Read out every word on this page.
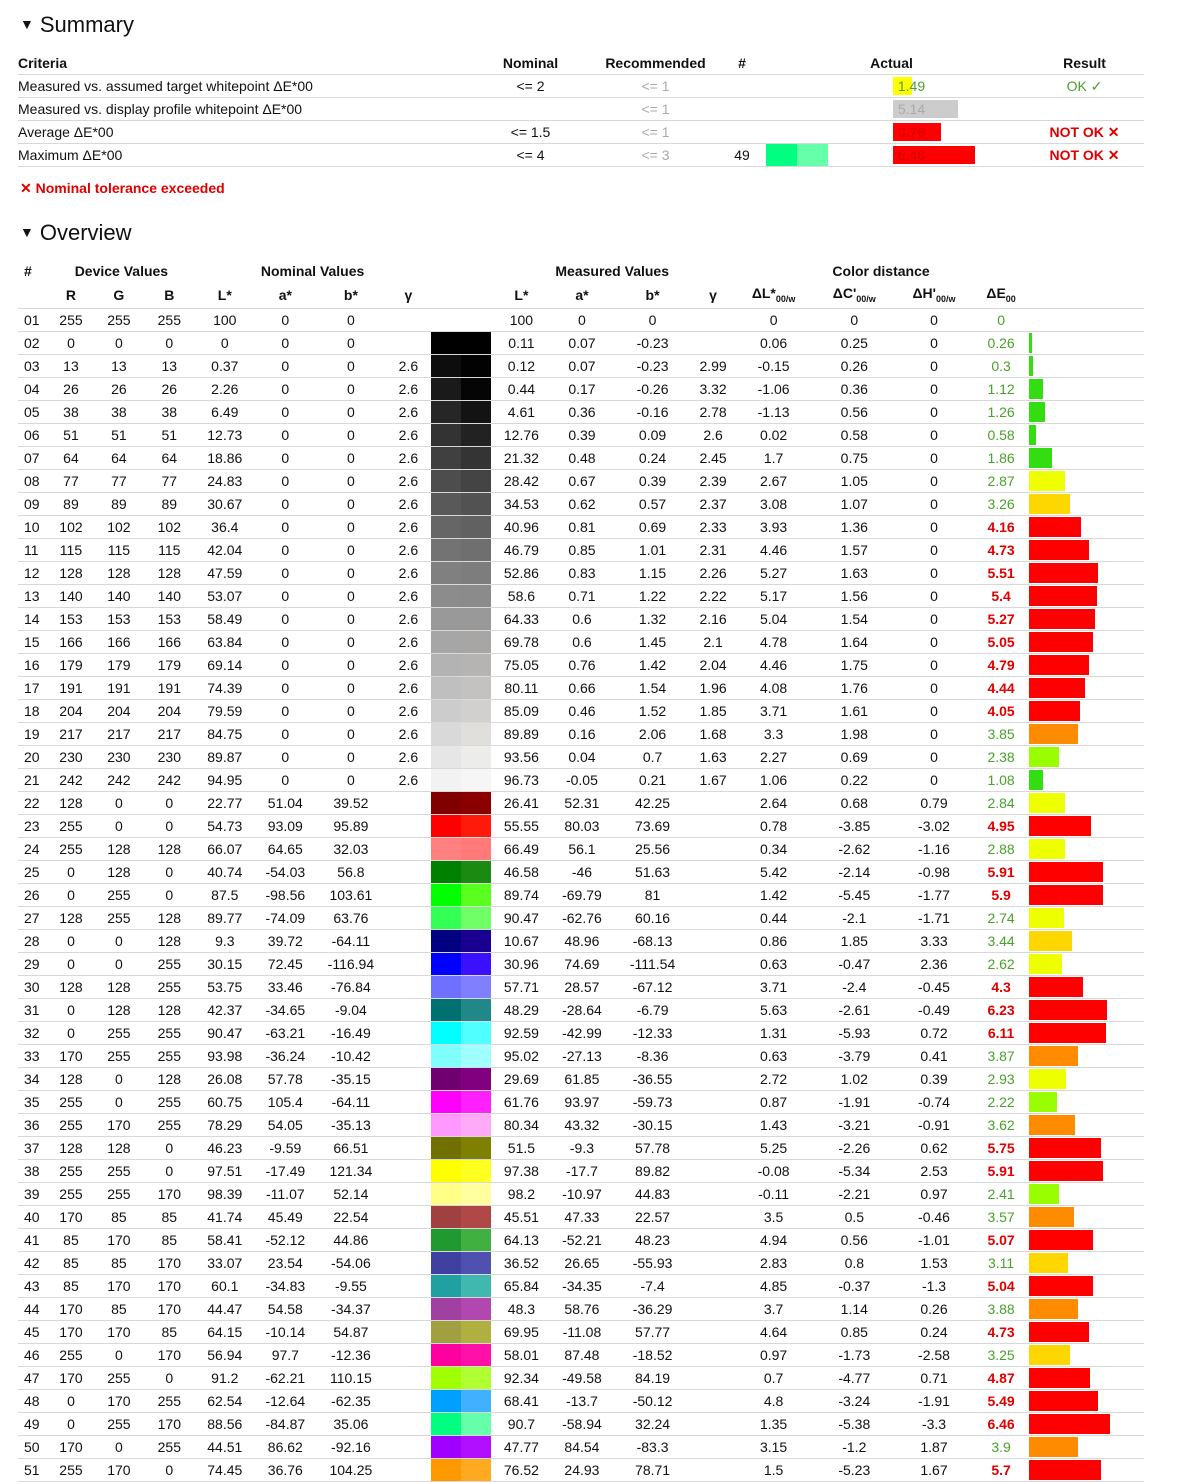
▼ Summary
Criteria	Nominal	Recommended	#		Actual		Result
Measured vs. assumed target whitepoint ΔE*00	<= 2	<= 1			1.49		OK ✓
Measured vs. display profile whitepoint ΔE*00		<= 1			5.14	

Average ΔE*00	<= 1.5	<= 1			3.76		NOT OK ✕
Maximum ΔE*00	<= 4	<= 3	49		6.46		NOT OK ✕
✕ Nominal tolerance exceeded
▼ Overview
#	Device Values			Nominal Values					Measured Values				Color distance				
	R	G	B	L*	a*	b*	γ		L*	a*	b*	γ	$\Delta L*_{00/w}$	$\Delta C'_{00/w}$	$\Delta H'_{00/w}$	$\Delta E_{00}$	
01	255	255	255	100	0	0			100	0	0		0	0	0	0	
02	0	0	0	0	0	0			0.11	0.07	-0.23		0.06	0.25	0	0.26	

03	13	13	13	0.37	0	0	2.6		0.12	0.07	-0.23	2.99	-0.15	0.26	0	0.3	

04	26	26	26	2.26	0	0	2.6		0.44	0.17	-0.26	3.32	-1.06	0.36	0	1.12	

05	38	38	38	6.49	0	0	2.6		4.61	0.36	-0.16	2.78	-1.13	0.56	0	1.26	

06	51	51	51	12.73	0	0	2.6		12.76	0.39	0.09	2.6	0.02	0.58	0	0.58	

07	64	64	64	18.86	0	0	2.6		21.32	0.48	0.24	2.45	1.7	0.75	0	1.86	

08	77	77	77	24.83	0	0	2.6		28.42	0.67	0.39	2.39	2.67	1.05	0	2.87	

09	89	89	89	30.67	0	0	2.6		34.53	0.62	0.57	2.37	3.08	1.07	0	3.26	

10	102	102	102	36.4	0	0	2.6		40.96	0.81	0.69	2.33	3.93	1.36	0	4.16	

11	115	115	115	42.04	0	0	2.6		46.79	0.85	1.01	2.31	4.46	1.57	0	4.73	

12	128	128	128	47.59	0	0	2.6		52.86	0.83	1.15	2.26	5.27	1.63	0	5.51	

13	140	140	140	53.07	0	0	2.6		58.6	0.71	1.22	2.22	5.17	1.56	0	5.4	

14	153	153	153	58.49	0	0	2.6		64.33	0.6	1.32	2.16	5.04	1.54	0	5.27	

15	166	166	166	63.84	0	0	2.6		69.78	0.6	1.45	2.1	4.78	1.64	0	5.05	

16	179	179	179	69.14	0	0	2.6		75.05	0.76	1.42	2.04	4.46	1.75	0	4.79	

17	191	191	191	74.39	0	0	2.6		80.11	0.66	1.54	1.96	4.08	1.76	0	4.44	

18	204	204	204	79.59	0	0	2.6		85.09	0.46	1.52	1.85	3.71	1.61	0	4.05	

19	217	217	217	84.75	0	0	2.6		89.89	0.16	2.06	1.68	3.3	1.98	0	3.85	

20	230	230	230	89.87	0	0	2.6		93.56	0.04	0.7	1.63	2.27	0.69	0	2.38	

21	242	242	242	94.95	0	0	2.6		96.73	-0.05	0.21	1.67	1.06	0.22	0	1.08	

22	128	0	0	22.77	51.04	39.52			26.41	52.31	42.25		2.64	0.68	0.79	2.84	

23	255	0	0	54.73	93.09	95.89			55.55	80.03	73.69		0.78	-3.85	-3.02	4.95	

24	255	128	128	66.07	64.65	32.03			66.49	56.1	25.56		0.34	-2.62	-1.16	2.88	

25	0	128	0	40.74	-54.03	56.8			46.58	-46	51.63		5.42	-2.14	-0.98	5.91	

26	0	255	0	87.5	-98.56	103.61			89.74	-69.79	81		1.42	-5.45	-1.77	5.9	

27	128	255	128	89.77	-74.09	63.76			90.47	-62.76	60.16		0.44	-2.1	-1.71	2.74	

28	0	0	128	9.3	39.72	-64.11			10.67	48.96	-68.13		0.86	1.85	3.33	3.44	

29	0	0	255	30.15	72.45	-116.94			30.96	74.69	-111.54		0.63	-0.47	2.36	2.62	

30	128	128	255	53.75	33.46	-76.84			57.71	28.57	-67.12		3.71	-2.4	-0.45	4.3	

31	0	128	128	42.37	-34.65	-9.04			48.29	-28.64	-6.79		5.63	-2.61	-0.49	6.23	

32	0	255	255	90.47	-63.21	-16.49			92.59	-42.99	-12.33		1.31	-5.93	0.72	6.11	

33	170	255	255	93.98	-36.24	-10.42			95.02	-27.13	-8.36		0.63	-3.79	0.41	3.87	

34	128	0	128	26.08	57.78	-35.15			29.69	61.85	-36.55		2.72	1.02	0.39	2.93	

35	255	0	255	60.75	105.4	-64.11			61.76	93.97	-59.73		0.87	-1.91	-0.74	2.22	

36	255	170	255	78.29	54.05	-35.13			80.34	43.32	-30.15		1.43	-3.21	-0.91	3.62	

37	128	128	0	46.23	-9.59	66.51			51.5	-9.3	57.78		5.25	-2.26	0.62	5.75	

38	255	255	0	97.51	-17.49	121.34			97.38	-17.7	89.82		-0.08	-5.34	2.53	5.91	

39	255	255	170	98.39	-11.07	52.14			98.2	-10.97	44.83		-0.11	-2.21	0.97	2.41	

40	170	85	85	41.74	45.49	22.54			45.51	47.33	22.57		3.5	0.5	-0.46	3.57	

41	85	170	85	58.41	-52.12	44.86			64.13	-52.21	48.23		4.94	0.56	-1.01	5.07	

42	85	85	170	33.07	23.54	-54.06			36.52	26.65	-55.93		2.83	0.8	1.53	3.11	

43	85	170	170	60.1	-34.83	-9.55			65.84	-34.35	-7.4		4.85	-0.37	-1.3	5.04	

44	170	85	170	44.47	54.58	-34.37			48.3	58.76	-36.29		3.7	1.14	0.26	3.88	

45	170	170	85	64.15	-10.14	54.87			69.95	-11.08	57.77		4.64	0.85	0.24	4.73	

46	255	0	170	56.94	97.7	-12.36			58.01	87.48	-18.52		0.97	-1.73	-2.58	3.25	

47	170	255	0	91.2	-62.21	110.15			92.34	-49.58	84.19		0.7	-4.77	0.71	4.87	

48	0	170	255	62.54	-12.64	-62.35			68.41	-13.7	-50.12		4.8	-3.24	-1.91	5.49	

49	0	255	170	88.56	-84.87	35.06			90.7	-58.94	32.24		1.35	-5.38	-3.3	6.46	

50	170	0	255	44.51	86.62	-92.16			47.77	84.54	-83.3		3.15	-1.2	1.87	3.9	

51	255	170	0	74.45	36.76	104.25			76.52	24.93	78.71		1.5	-5.23	1.67	5.7	
